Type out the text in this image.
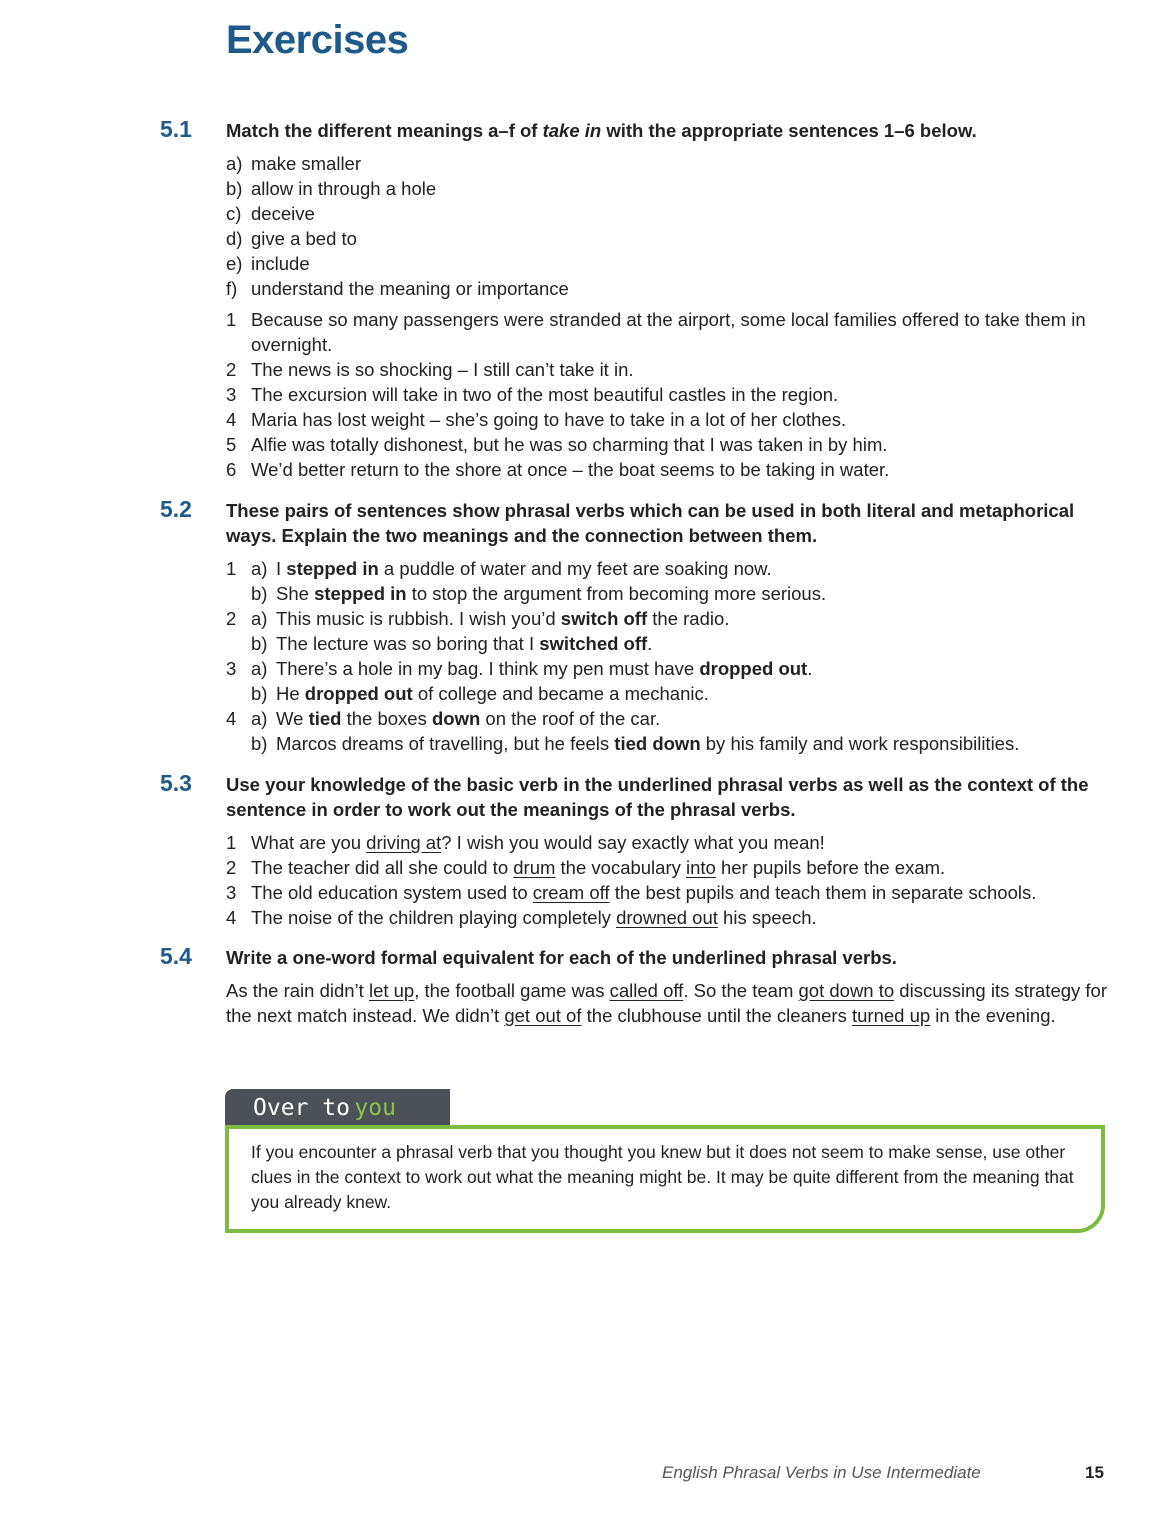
Exercises
5.1 Match the different meanings a–f of take in with the appropriate sentences 1–6 below.
a) make smaller
b) allow in through a hole
c) deceive
d) give a bed to
e) include
f) understand the meaning or importance
1 Because so many passengers were stranded at the airport, some local families offered to take them in overnight.
2 The news is so shocking – I still can’t take it in.
3 The excursion will take in two of the most beautiful castles in the region.
4 Maria has lost weight – she’s going to have to take in a lot of her clothes.
5 Alfie was totally dishonest, but he was so charming that I was taken in by him.
6 We’d better return to the shore at once – the boat seems to be taking in water.
5.2 These pairs of sentences show phrasal verbs which can be used in both literal and metaphorical ways. Explain the two meanings and the connection between them.
1 a) I stepped in a puddle of water and my feet are soaking now.
b) She stepped in to stop the argument from becoming more serious.
2 a) This music is rubbish. I wish you’d switch off the radio.
b) The lecture was so boring that I switched off.
3 a) There’s a hole in my bag. I think my pen must have dropped out.
b) He dropped out of college and became a mechanic.
4 a) We tied the boxes down on the roof of the car.
b) Marcos dreams of travelling, but he feels tied down by his family and work responsibilities.
5.3 Use your knowledge of the basic verb in the underlined phrasal verbs as well as the context of the sentence in order to work out the meanings of the phrasal verbs.
1 What are you driving at? I wish you would say exactly what you mean!
2 The teacher did all she could to drum the vocabulary into her pupils before the exam.
3 The old education system used to cream off the best pupils and teach them in separate schools.
4 The noise of the children playing completely drowned out his speech.
5.4 Write a one-word formal equivalent for each of the underlined phrasal verbs.
As the rain didn’t let up, the football game was called off. So the team got down to discussing its strategy for the next match instead. We didn’t get out of the clubhouse until the cleaners turned up in the evening.
Over to you
If you encounter a phrasal verb that you thought you knew but it does not seem to make sense, use other clues in the context to work out what the meaning might be. It may be quite different from the meaning that you already knew.
English Phrasal Verbs in Use Intermediate	15
